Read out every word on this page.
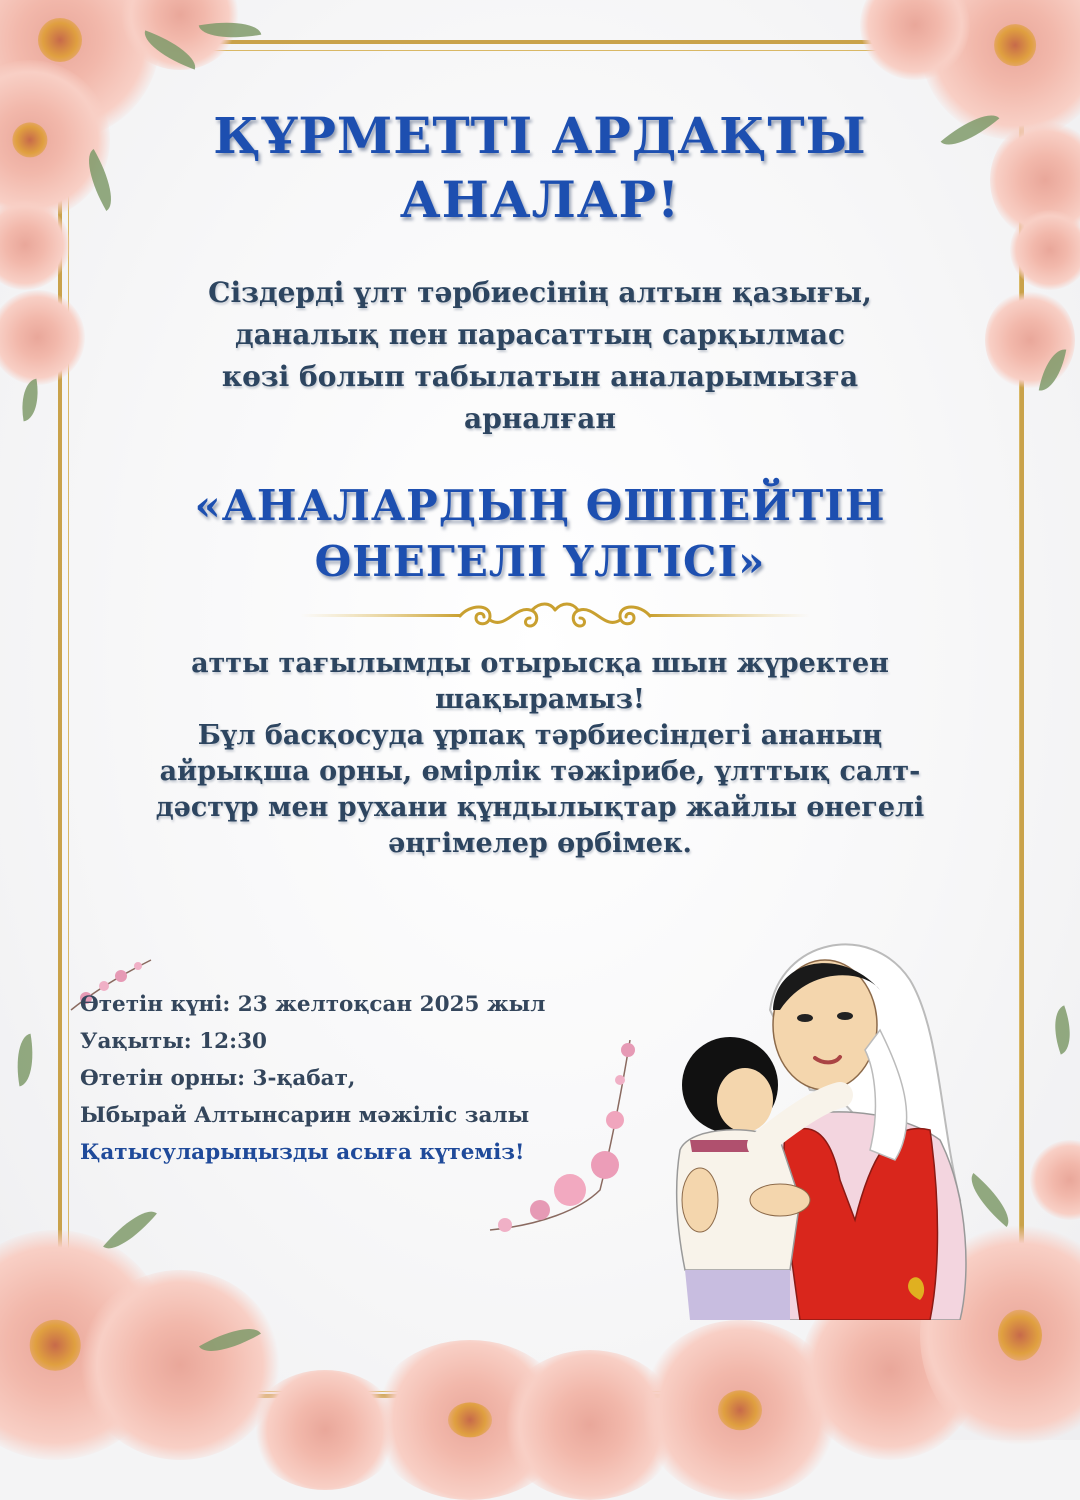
ҚҰРМЕТТІ АРДАҚТЫ
АНАЛАР!
Сіздерді ұлт тәрбиесінің алтын қазығы,
даналық пен парасаттың сарқылмас
көзі болып табылатын аналарымызға
арналған
«АНАЛАРДЫҢ ӨШПЕЙТІН
ӨНЕГЕЛІ ҮЛГІСІ»
атты тағылымды отырысқа шын жүректен
шақырамыз!
Бұл басқосуда ұрпақ тәрбиесіндегі ананың
айрықша орны, өмірлік тәжірибе, ұлттық салт-
дәстүр мен рухани құндылықтар жайлы өнегелі
әңгімелер өрбімек.
Өтетін күні: 23 желтоқсан 2025 жыл
Уақыты: 12:30
Өтетін орны: 3-қабат,
Ыбырай Алтынсарин мәжіліс залы
Қатысуларыңызды асыға күтеміз!
